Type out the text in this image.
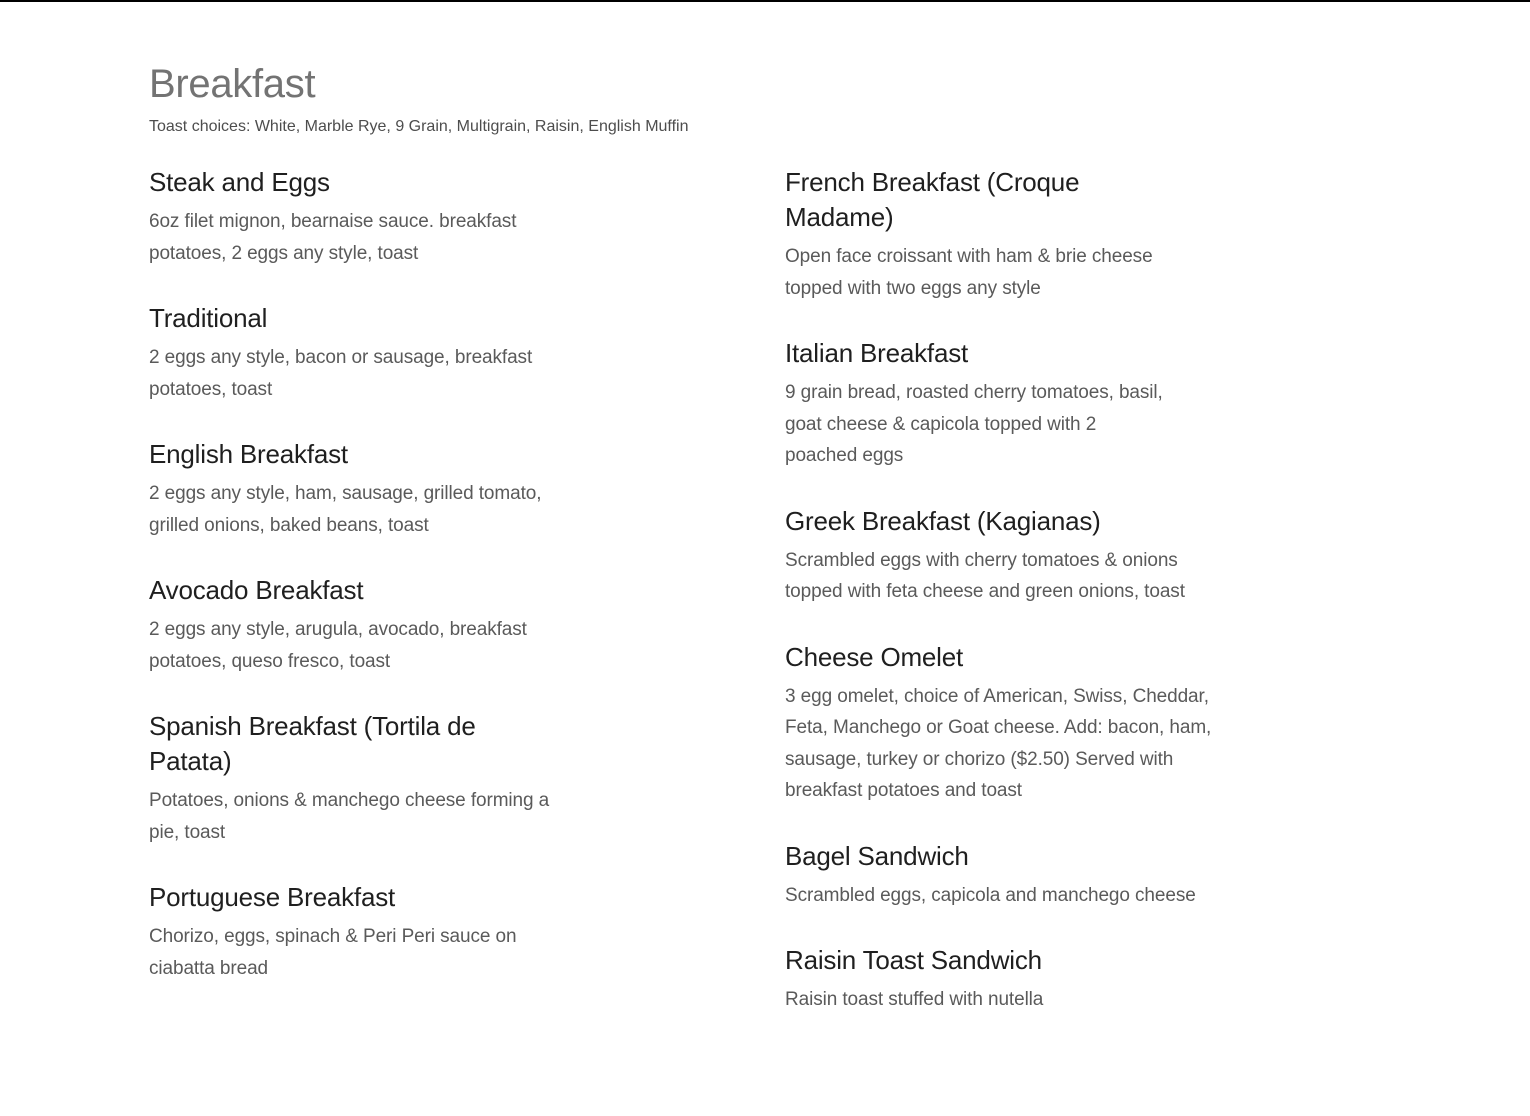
Breakfast

Toast choices: White, Marble Rye, 9 Grain, Multigrain, Raisin, English Muffin

Steak and Eggs

6oz filet mignon, bearnaise sauce. breakfast potatoes, 2 eggs any style, toast

Traditional

2 eggs any style, bacon or sausage, breakfast potatoes, toast

English Breakfast

2 eggs any style, ham, sausage, grilled tomato, grilled onions, baked beans, toast

Avocado Breakfast

2 eggs any style, arugula, avocado, breakfast potatoes, queso fresco, toast

Spanish Breakfast (Tortila de Patata)

Potatoes, onions & manchego cheese forming a pie, toast

Portuguese Breakfast

Chorizo, eggs, spinach & Peri Peri sauce on ciabatta bread

French Breakfast (Croque Madame)

Open face croissant with ham & brie cheese topped with two eggs any style

Italian Breakfast

9 grain bread, roasted cherry tomatoes, basil, goat cheese & capicola topped with 2 poached eggs

Greek Breakfast (Kagianas)

Scrambled eggs with cherry tomatoes & onions topped with feta cheese and green onions, toast

Cheese Omelet

3 egg omelet, choice of American, Swiss, Cheddar, Feta, Manchego or Goat cheese. Add: bacon, ham, sausage, turkey or chorizo ($2.50) Served with breakfast potatoes and toast

Bagel Sandwich

Scrambled eggs, capicola and manchego cheese

Raisin Toast Sandwich

Raisin toast stuffed with nutella
